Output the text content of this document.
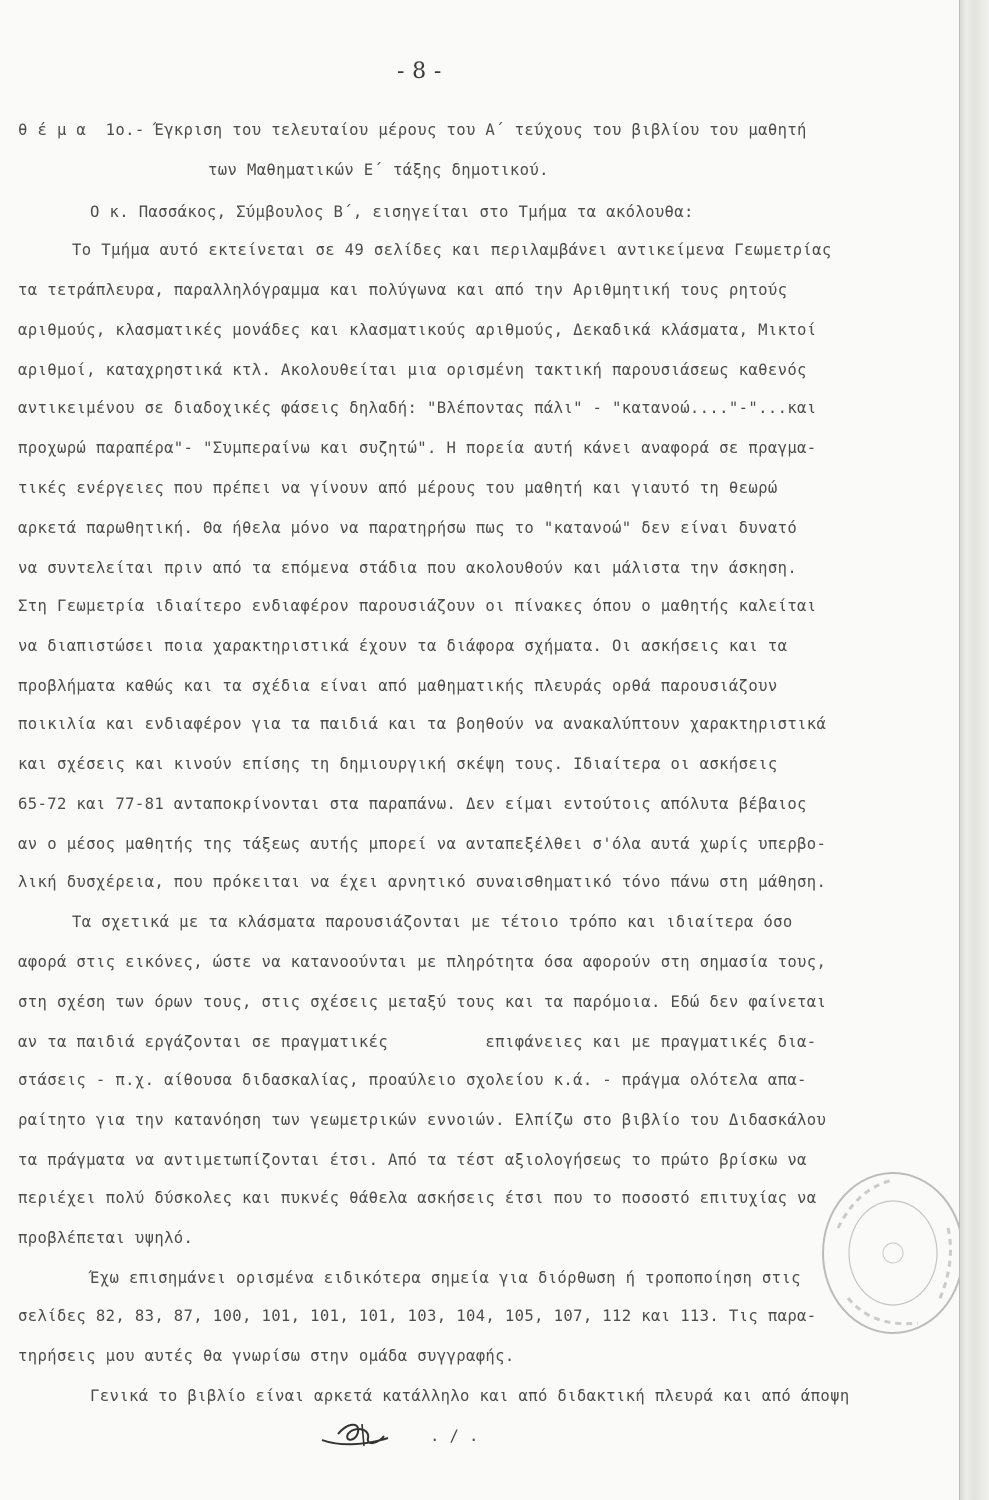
- 8 -
θ έ μ α  1ο.- Έγκριση του τελευταίου μέρους του Α΄ τεύχους του βιβλίου του μαθητή
των Μαθηματικών Ε΄ τάξης δημοτικού.
Ο κ. Πασσάκος, Σύμβουλος Β΄, εισηγείται στο Τμήμα τα ακόλουθα:
Το Τμήμα αυτό εκτείνεται σε 49 σελίδες και περιλαμβάνει αντικείμενα Γεωμετρίας
τα τετράπλευρα, παραλληλόγραμμα και πολύγωνα και από την Αριθμητική τους ρητούς
αριθμούς, κλασματικές μονάδες και κλασματικούς αριθμούς, Δεκαδικά κλάσματα, Μικτοί
αριθμοί, καταχρηστικά κτλ. Ακολουθείται μια ορισμένη τακτική παρουσιάσεως καθενός
αντικειμένου σε διαδοχικές φάσεις δηλαδή: "Βλέποντας πάλι" - "κατανοώ...."-"...και
προχωρώ παραπέρα"- "Συμπεραίνω και συζητώ". Η πορεία αυτή κάνει αναφορά σε πραγμα-
τικές ενέργειες που πρέπει να γίνουν από μέρους του μαθητή και γιαυτό τη θεωρώ
αρκετά παρωθητική. Θα ήθελα μόνο να παρατηρήσω πως το "κατανοώ" δεν είναι δυνατό
να συντελείται πριν από τα επόμενα στάδια που ακολουθούν και μάλιστα την άσκηση.
Στη Γεωμετρία ιδιαίτερο ενδιαφέρον παρουσιάζουν οι πίνακες όπου ο μαθητής καλείται
να διαπιστώσει ποια χαρακτηριστικά έχουν τα διάφορα σχήματα. Οι ασκήσεις και τα
προβλήματα καθώς και τα σχέδια είναι από μαθηματικής πλευράς ορθά παρουσιάζουν
ποικιλία και ενδιαφέρον για τα παιδιά και τα βοηθούν να ανακαλύπτουν χαρακτηριστικά
και σχέσεις και κινούν επίσης τη δημιουργική σκέψη τους. Ιδιαίτερα οι ασκήσεις
65-72 και 77-81 ανταποκρίνονται στα παραπάνω. Δεν είμαι εντούτοις απόλυτα βέβαιος
αν ο μέσος μαθητής της τάξεως αυτής μπορεί να ανταπεξέλθει σ'όλα αυτά χωρίς υπερβο-
λική δυσχέρεια, που πρόκειται να έχει αρνητικό συναισθηματικό τόνο πάνω στη μάθηση.
Τα σχετικά με τα κλάσματα παρουσιάζονται με τέτοιο τρόπο και ιδιαίτερα όσο
αφορά στις εικόνες, ώστε να κατανοούνται με πληρότητα όσα αφορούν στη σημασία τους,
στη σχέση των όρων τους, στις σχέσεις μεταξύ τους και τα παρόμοια. Εδώ δεν φαίνεται
αν τα παιδιά εργάζονται σε πραγματικές          επιφάνειες και με πραγματικές δια-
στάσεις - π.χ. αίθουσα διδασκαλίας, προαύλειο σχολείου κ.ά. - πράγμα ολότελα απα-
ραίτητο για την κατανόηση των γεωμετρικών εννοιών. Ελπίζω στο βιβλίο του Διδασκάλου
τα πράγματα να αντιμετωπίζονται έτσι. Από τα τέστ αξιολογήσεως το πρώτο βρίσκω να
περιέχει πολύ δύσκολες και πυκνές θάθελα ασκήσεις έτσι που το ποσοστό επιτυχίας να
προβλέπεται υψηλό.
Έχω επισημάνει ορισμένα ειδικότερα σημεία για διόρθωση ή τροποποίηση στις
σελίδες 82, 83, 87, 100, 101, 101, 101, 103, 104, 105, 107, 112 και 113. Τις παρα-
τηρήσεις μου αυτές θα γνωρίσω στην ομάδα συγγραφής.
Γενικά το βιβλίο είναι αρκετά κατάλληλο και από διδακτική πλευρά και από άποψη
. / .
